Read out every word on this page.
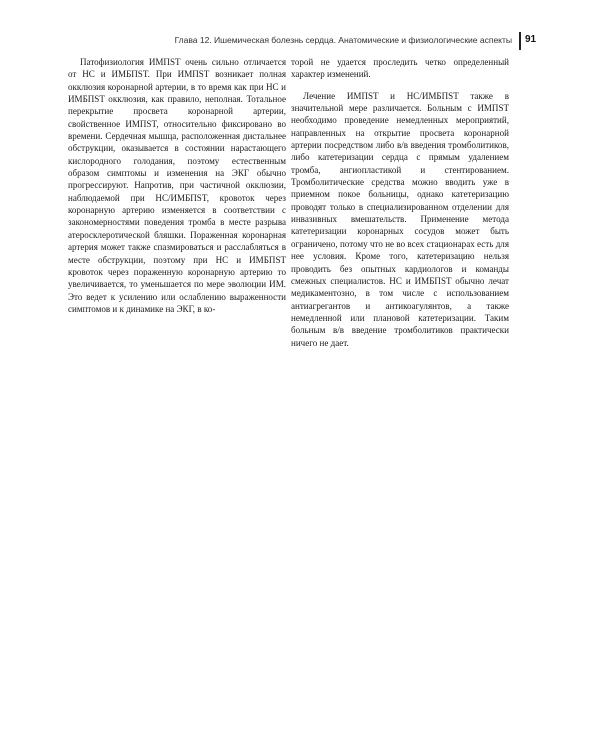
Глава 12. Ишемическая болезнь сердца. Анатомические и физиологические аспекты 91

Патофизиология ИМПST очень сильно отличается от НС и ИМБПST. При ИМПST возникает полная окклюзия коронарной артерии, в то время как при НС и ИМБПST окклюзия, как правило, неполная. Тотальное перекрытие просвета коронарной артерии, свойственное ИМПST, относительно фиксировано во времени. Сердечная мышца, расположенная дистальнее обструкции, оказывается в состоянии нарастающего кислородного голодания, поэтому естественным образом симптомы и изменения на ЭКГ обычно прогрессируют. Напротив, при частичной окклюзии, наблюдаемой при НС/ИМБПST, кровоток через коронарную артерию изменяется в соответствии с закономерностями поведения тромба в месте разрыва атеросклеротической бляшки. Пораженная коронарная артерия может также спазмироваться и расслабляться в месте обструкции, поэтому при НС и ИМБПST кровоток через пораженную коронарную артерию то увеличивается, то уменьшается по мере эволюции ИМ. Это ведет к усилению или ослаблению выраженности симптомов и к динамике на ЭКГ, в ко-

торой не удается проследить четко определенный характер изменений.

Лечение ИМПST и НС/ИМБПST также в значительной мере различается. Больным с ИМПST необходимо проведение немедленных мероприятий, направленных на открытие просвета коронарной артерии посредством либо в/в введения тромболитиков, либо катетеризации сердца с прямым удалением тромба, ангиопластикой и стентированием. Тромболитические средства можно вводить уже в приемном покое больницы, однако катетеризацию проводят только в специализированном отделении для инвазивных вмешательств. Применение метода катетеризации коронарных сосудов может быть ограничено, потому что не во всех стационарах есть для нее условия. Кроме того, катетеризацию нельзя проводить без опытных кардиологов и команды смежных специалистов. НС и ИМБПST обычно лечат медикаментозно, в том числе с использованием антиагрегантов и антикоагулянтов, а также немедленной или плановой катетеризации. Таким больным в/в введение тромболитиков практически ничего не дает.
